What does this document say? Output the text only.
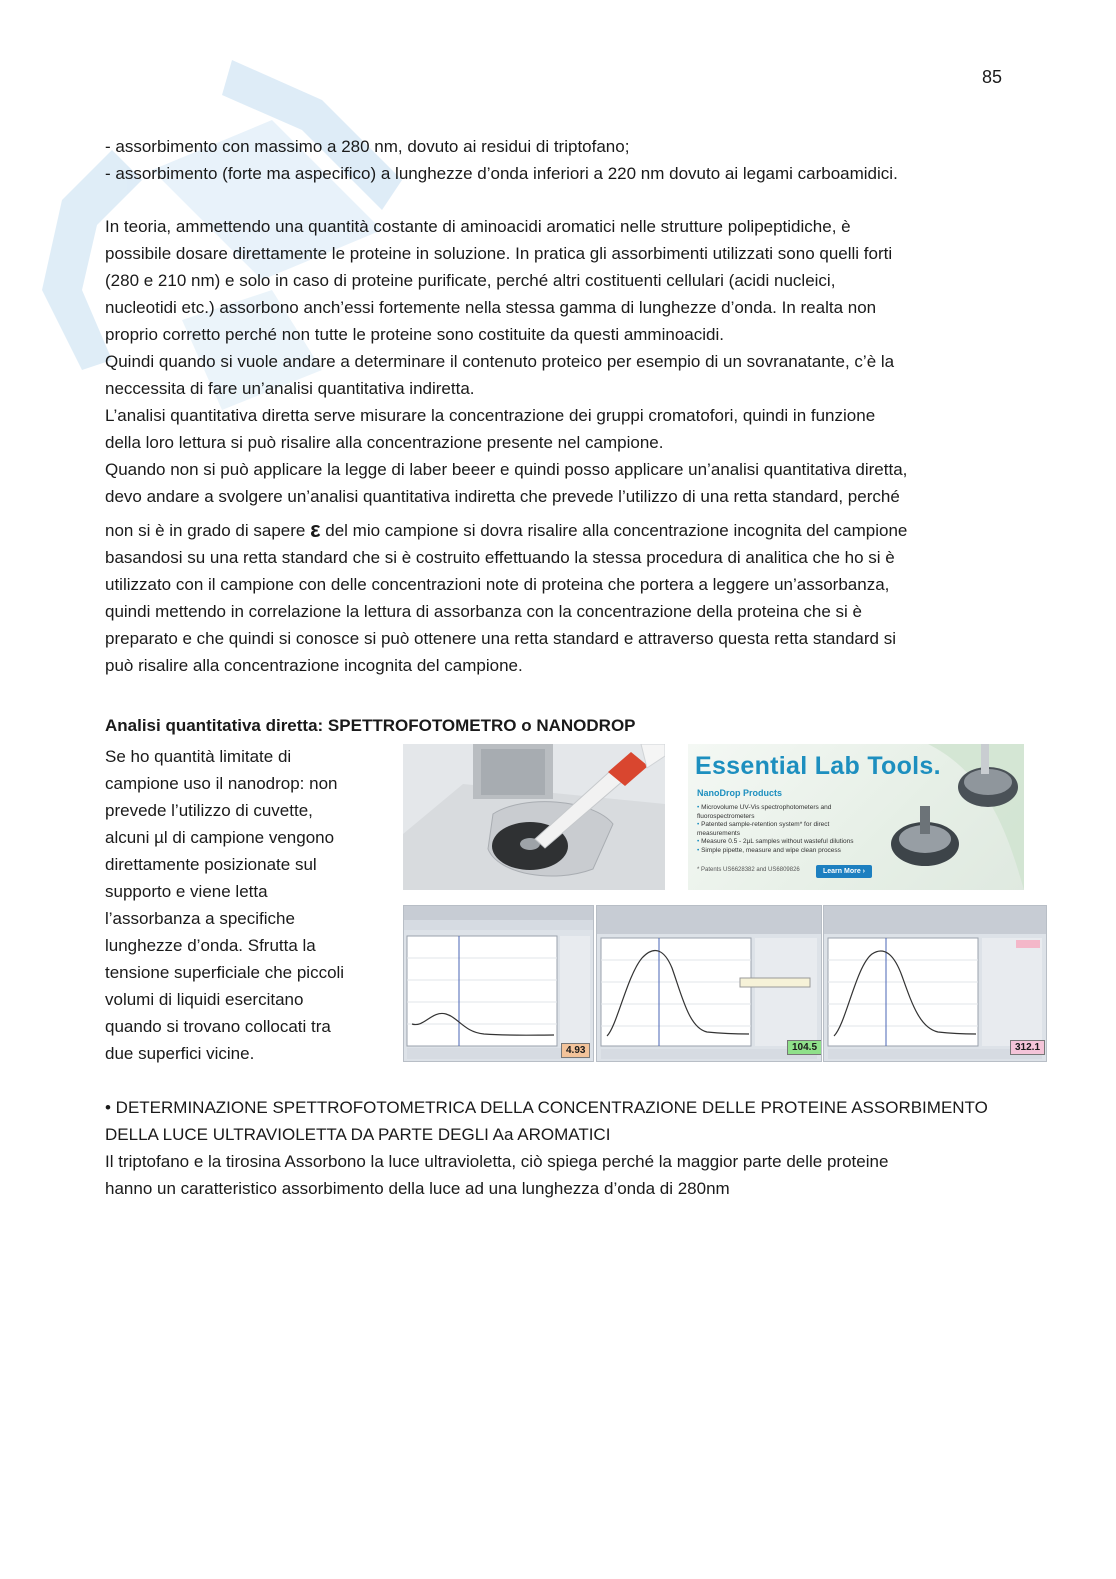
85

- assorbimento con massimo a 280 nm, dovuto ai residui di triptofano;

- assorbimento (forte ma aspecifico) a lunghezze d’onda inferiori a 220 nm dovuto ai legami carboamidici.

In teoria, ammettendo una quantità costante di aminoacidi aromatici nelle strutture polipeptidiche, è

possibile dosare direttamente le proteine in soluzione. In pratica gli assorbimenti utilizzati sono quelli forti

(280 e 210 nm) e solo in caso di proteine purificate, perché altri costituenti cellulari (acidi nucleici,

nucleotidi etc.) assorbono anch’essi fortemente nella stessa gamma di lunghezze d’onda. In realta non

proprio corretto perché non tutte le proteine sono costituite da questi amminoacidi.

Quindi quando si vuole andare a determinare il contenuto proteico per esempio di un sovranatante, c’è la

neccessita di fare un’analisi quantitativa indiretta.

L’analisi quantitativa diretta serve misurare la concentrazione dei gruppi cromatofori, quindi in funzione

della loro lettura si può risalire alla concentrazione presente nel campione.

Quando non si può applicare la legge di laber beeer e quindi posso applicare un’analisi quantitativa diretta,

devo andare a svolgere un’analisi quantitativa indiretta che prevede l’utilizzo di una retta standard, perché

non si è in grado di sapere ε del mio campione si dovra risalire alla concentrazione incognita del campione

basandosi su una retta standard che si è costruito effettuando la stessa procedura di analitica che ho si è

utilizzato con il campione con delle concentrazioni note di proteina che portera a leggere un’assorbanza,

quindi mettendo in correlazione la lettura di assorbanza con la concentrazione della proteina che si è

preparato e che quindi si conosce si può ottenere una retta standard e attraverso questa retta standard si

può risalire alla concentrazione incognita del campione.

Analisi quantitativa diretta: SPETTROFOTOMETRO o NANODROP
Se ho quantità limitate di
campione uso il nanodrop: non
prevede l’utilizzo di cuvette,
alcuni µl di campione vengono
direttamente posizionate sul
supporto e viene letta
l’assorbanza a specifiche
lunghezze d’onda. Sfrutta la
tensione superficiale che piccoli
volumi di liquidi esercitano
quando si trovano collocati tra
due superfici vicine.
Essential Lab Tools.
NanoDrop Products
• Microvolume UV-Vis spectrophotometers and fluorospectrometers
• Patented sample-retention system* for direct measurements
• Measure 0.5 - 2µL samples without wasteful dilutions
• Simple pipette, measure and wipe clean process
* Patents US6628382 and US6809826	Learn More ›
4.93	104.5	312.1
• DETERMINAZIONE SPETTROFOTOMETRICA DELLA CONCENTRAZIONE DELLE PROTEINE ASSORBIMENTO
DELLA LUCE ULTRAVIOLETTA DA PARTE DEGLI Aa AROMATICI
Il triptofano e la tirosina Assorbono la luce ultravioletta, ciò spiega perché la maggior parte delle proteine
hanno un caratteristico assorbimento della luce ad una lunghezza d’onda di 280nm
